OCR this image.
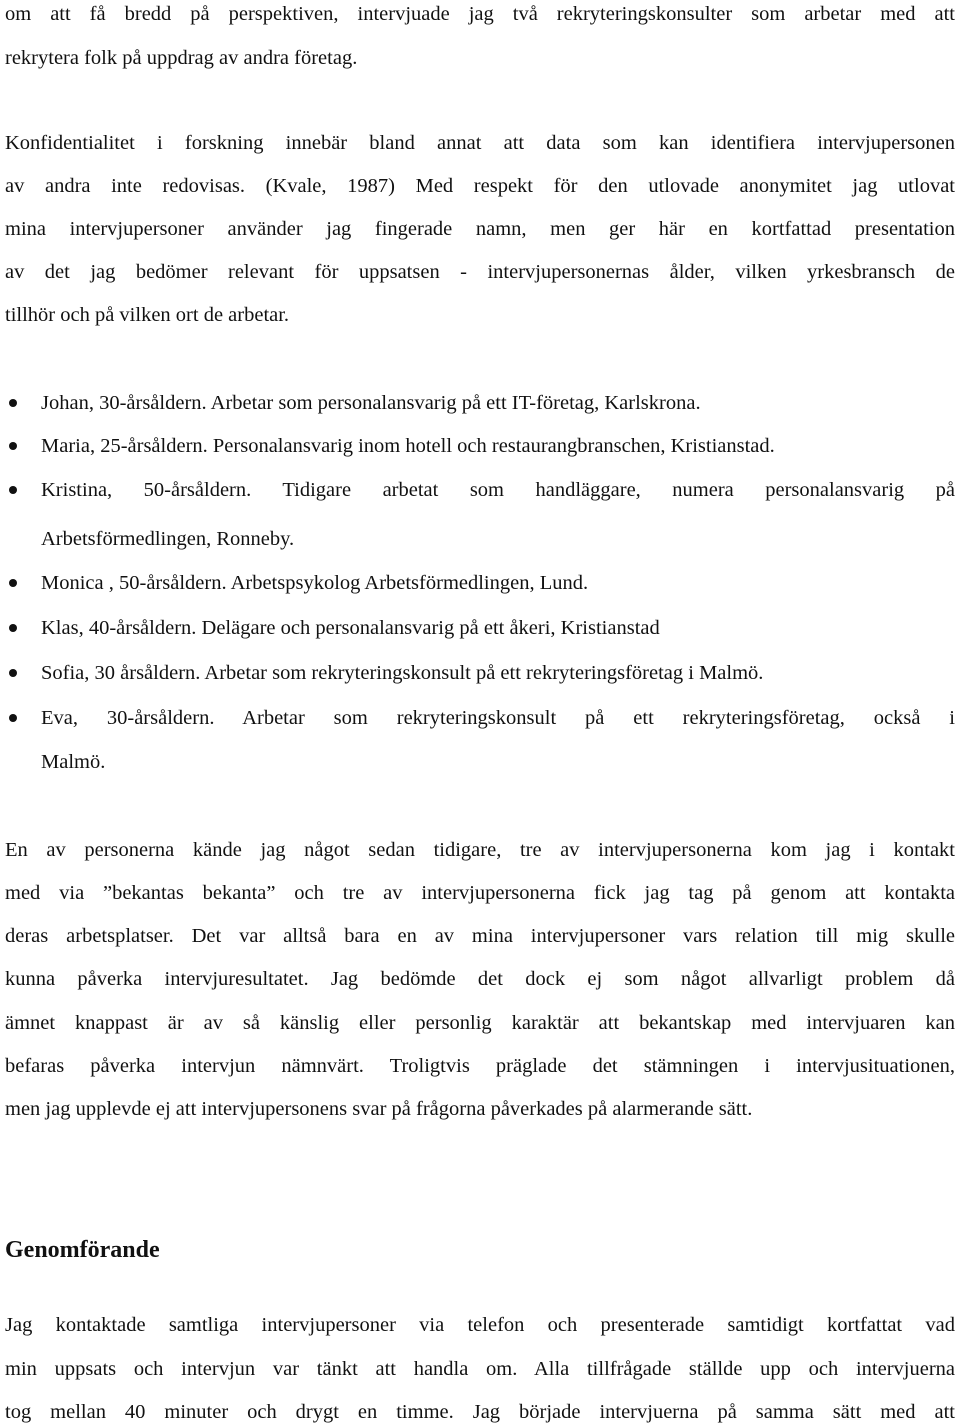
om att få bredd på perspektiven, intervjuade jag två rekryteringskonsulter som arbetar med att
rekrytera folk på uppdrag av andra företag.
Konfidentialitet i forskning innebär bland annat att data som kan identifiera intervjupersonen
av andra inte redovisas. (Kvale, 1987) Med respekt för den utlovade anonymitet jag utlovat
mina intervjupersoner använder jag fingerade namn, men ger här en kortfattad presentation
av det jag bedömer relevant för uppsatsen - intervjupersonernas ålder, vilken yrkesbransch de
tillhör och på vilken ort de arbetar.
Johan, 30-årsåldern. Arbetar som personalansvarig på ett IT-företag, Karlskrona.
Maria, 25-årsåldern. Personalansvarig inom hotell och restaurangbranschen, Kristianstad.
Kristina, 50-årsåldern. Tidigare arbetat som handläggare, numera personalansvarig på
Arbetsförmedlingen, Ronneby.
Monica , 50-årsåldern. Arbetspsykolog Arbetsförmedlingen, Lund.
Klas, 40-årsåldern. Delägare och personalansvarig på ett åkeri, Kristianstad
Sofia, 30 årsåldern. Arbetar som rekryteringskonsult på ett rekryteringsföretag i Malmö.
Eva, 30-årsåldern. Arbetar som rekryteringskonsult på ett rekryteringsföretag, också i
Malmö.
En av personerna kände jag något sedan tidigare, tre av intervjupersonerna kom jag i kontakt
med via ”bekantas bekanta” och tre av intervjupersonerna fick jag tag på genom att kontakta
deras arbetsplatser. Det var alltså bara en av mina intervjupersoner vars relation till mig skulle
kunna påverka intervjuresultatet. Jag bedömde det dock ej som något allvarligt problem då
ämnet knappast är av så känslig eller personlig karaktär att bekantskap med intervjuaren kan
befaras påverka intervjun nämnvärt. Troligtvis präglade det stämningen i intervjusituationen,
men jag upplevde ej att intervjupersonens svar på frågorna påverkades på alarmerande sätt.
Genomförande
Jag kontaktade samtliga intervjupersoner via telefon och presenterade samtidigt kortfattat vad
min uppsats och intervjun var tänkt att handla om. Alla tillfrågade ställde upp och intervjuerna
tog mellan 40 minuter och drygt en timme. Jag började intervjuerna på samma sätt med att
